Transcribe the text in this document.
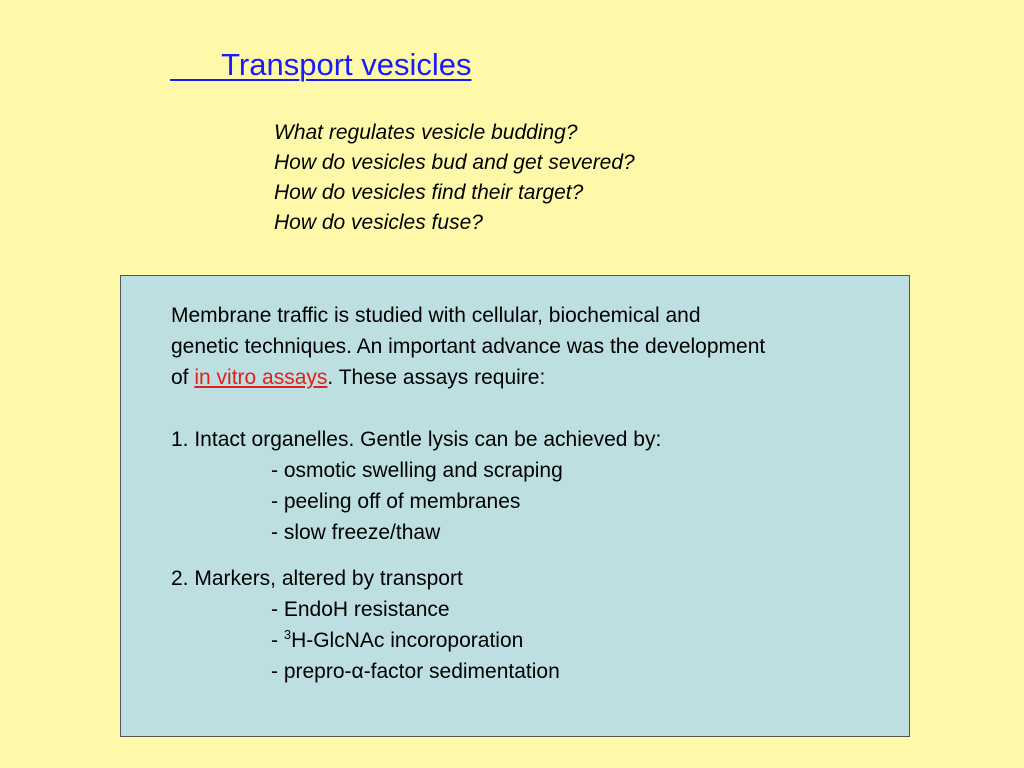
Transport vesicles
What regulates vesicle budding?
How do vesicles bud and get severed?
How do vesicles find their target?
How do vesicles fuse?
Membrane traffic is studied with cellular, biochemical and
genetic techniques. An important advance was the development
of in vitro assays. These assays require:
1. Intact organelles. Gentle lysis can be achieved by:
- osmotic swelling and scraping
- peeling off of membranes
- slow freeze/thaw
2. Markers, altered by transport
- EndoH resistance
- $^3$H-GlcNAc incoroporation
- prepro-α-factor sedimentation
